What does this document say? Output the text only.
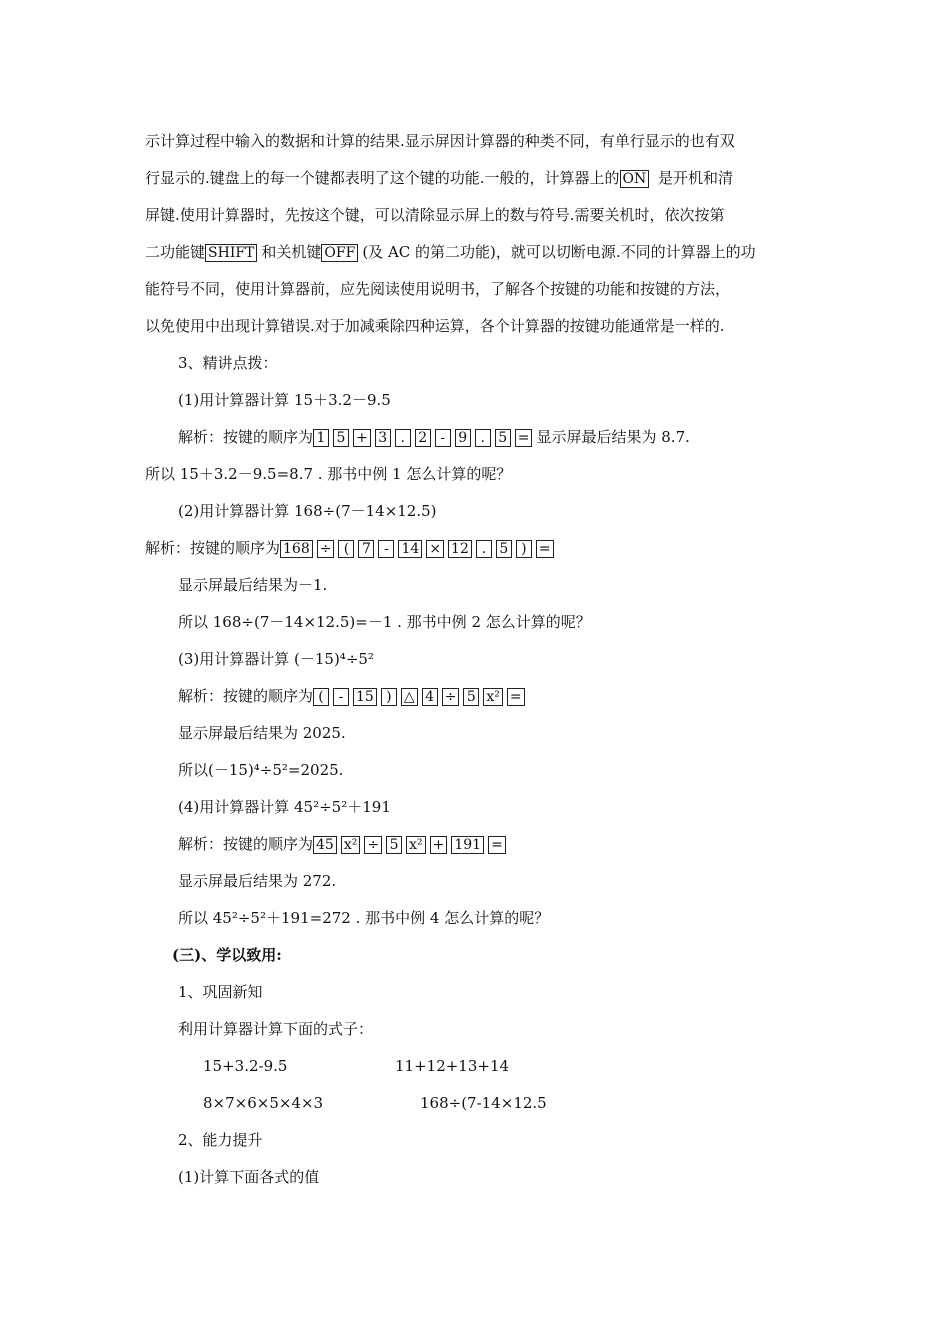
示计算过程中输入的数据和计算的结果.显示屏因计算器的种类不同，有单行显示的也有双
行显示的.键盘上的每一个键都表明了这个键的功能.一般的，计算器上的 ON 是开机和清
屏键.使用计算器时，先按这个键，可以清除显示屏上的数与符号.需要关机时，依次按第
二功能键 SHIFT 和关机键 OFF (及 AC 的第二功能)，就可以切断电源.不同的计算器上的功
能符号不同，使用计算器前，应先阅读使用说明书，了解各个按键的功能和按键的方法，
以免使用中出现计算错误.对于加减乘除四种运算，各个计算器的按键功能通常是一样的.
3、精讲点拨：
(1)用计算器计算 15＋3.2－9.5
解析：按键的顺序为 1 5 + 3 . 2 - 9 . 5 = 显示屏最后结果为 8.7.
所以 15＋3.2－9.5=8.7 . 那书中例 1 怎么计算的呢？
(2)用计算器计算 168÷(7－14×12.5)
解析：按键的顺序为 168 ÷ ( 7 - 14 × 12 . 5 ) =
显示屏最后结果为－1.
所以 168÷(7－14×12.5)=－1 . 那书中例 2 怎么计算的呢？
(3)用计算器计算 (－15)⁴÷5²
解析：按键的顺序为 ( - 15 ) △ 4 ÷ 5 x² =
显示屏最后结果为 2025.
所以(－15)⁴÷5²=2025.
(4)用计算器计算 45²÷5²＋191
解析：按键的顺序为 45 x² ÷ 5 x² + 191 =
显示屏最后结果为 272.
所以 45²÷5²＋191=272 . 那书中例 4 怎么计算的呢？
(三)、学以致用:
1、巩固新知
利用计算器计算下面的式子：
15+3.2-9.5	11+12+13+14
8×7×6×5×4×3	168÷(7-14×12.5
2、能力提升
(1)计算下面各式的值
